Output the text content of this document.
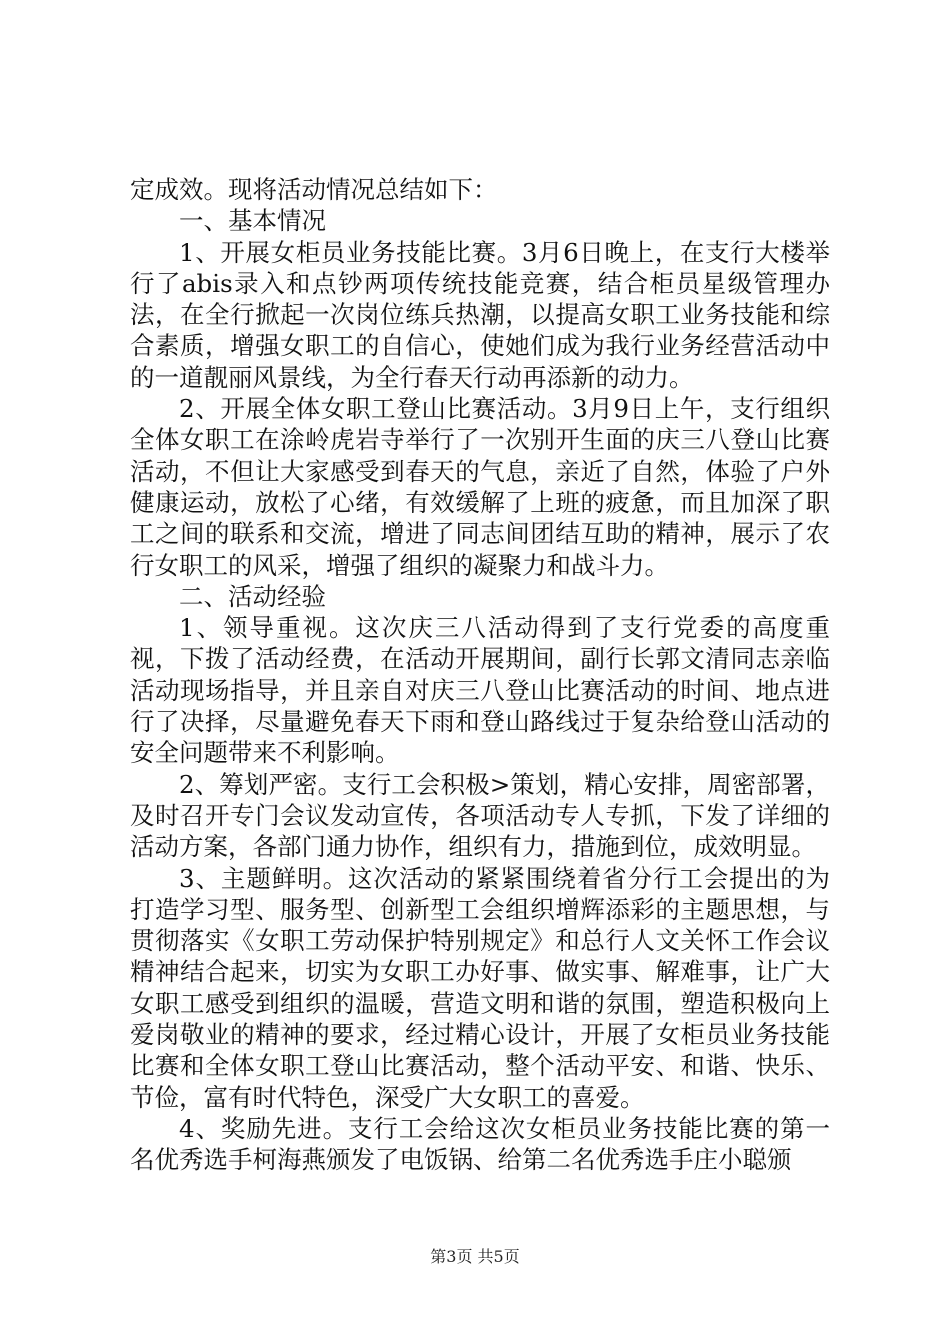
定成效。现将活动情况总结如下：

一、基本情况

1、开展女柜员业务技能比赛。3月6日晚上，在支行大楼举行了abis录入和点钞两项传统技能竞赛，结合柜员星级管理办法，在全行掀起一次岗位练兵热潮，以提高女职工业务技能和综合素质，增强女职工的自信心，使她们成为我行业务经营活动中的一道靓丽风景线，为全行春天行动再添新的动力。

2、开展全体女职工登山比赛活动。3月9日上午，支行组织全体女职工在涂岭虎岩寺举行了一次别开生面的庆三八登山比赛活动，不但让大家感受到春天的气息，亲近了自然，体验了户外健康运动，放松了心绪，有效缓解了上班的疲惫，而且加深了职工之间的联系和交流，增进了同志间团结互助的精神，展示了农行女职工的风采，增强了组织的凝聚力和战斗力。

二、活动经验

1、领导重视。这次庆三八活动得到了支行党委的高度重视，下拨了活动经费，在活动开展期间，副行长郭文清同志亲临活动现场指导，并且亲自对庆三八登山比赛活动的时间、地点进行了决择，尽量避免春天下雨和登山路线过于复杂给登山活动的安全问题带来不利影响。

2、筹划严密。支行工会积极>策划，精心安排，周密部署，及时召开专门会议发动宣传，各项活动专人专抓，下发了详细的活动方案，各部门通力协作，组织有力，措施到位，成效明显。

3、主题鲜明。这次活动的紧紧围绕着省分行工会提出的为打造学习型、服务型、创新型工会组织增辉添彩的主题思想，与贯彻落实《女职工劳动保护特别规定》和总行人文关怀工作会议精神结合起来，切实为女职工办好事、做实事、解难事，让广大女职工感受到组织的温暖，营造文明和谐的氛围，塑造积极向上爱岗敬业的精神的要求，经过精心设计，开展了女柜员业务技能比赛和全体女职工登山比赛活动，整个活动平安、和谐、快乐、节俭，富有时代特色，深受广大女职工的喜爱。

4、奖励先进。支行工会给这次女柜员业务技能比赛的第一名优秀选手柯海燕颁发了电饭锅、给第二名优秀选手庄小聪颁

第3页 共5页
